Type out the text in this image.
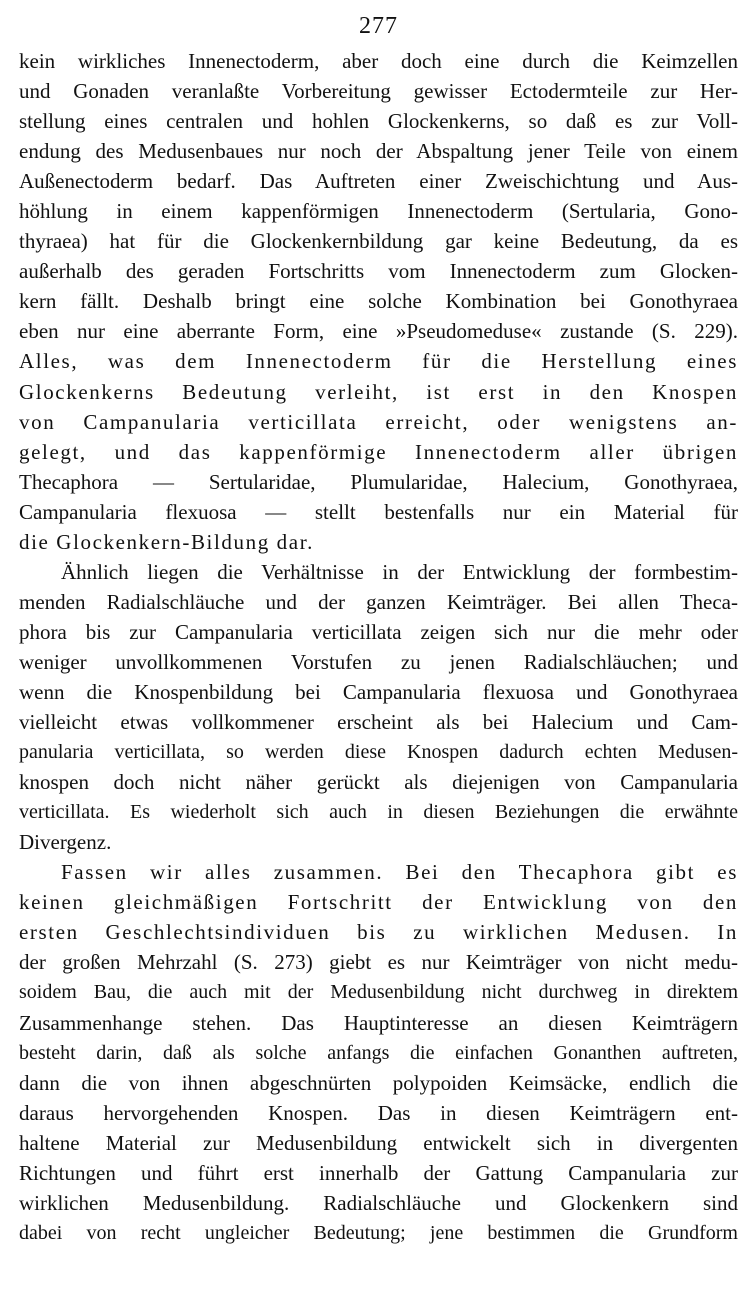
277
kein wirkliches Innenectoderm, aber doch eine durch die Keimzellen
und Gonaden veranlaßte Vorbereitung gewisser Ectodermteile zur Her-
stellung eines centralen und hohlen Glockenkerns, so daß es zur Voll-
endung des Medusenbaues nur noch der Abspaltung jener Teile von einem
Außenectoderm bedarf. Das Auftreten einer Zweischichtung und Aus-
höhlung in einem kappenförmigen Innenectoderm (Sertularia, Gono-
thyraea) hat für die Glockenkernbildung gar keine Bedeutung, da es
außerhalb des geraden Fortschritts vom Innenectoderm zum Glocken-
kern fällt. Deshalb bringt eine solche Kombination bei Gonothyraea
eben nur eine aberrante Form, eine »Pseudomeduse« zustande (S. 229).
Alles, was dem Innenectoderm für die Herstellung eines
Glockenkerns Bedeutung verleiht, ist erst in den Knospen
von Campanularia verticillata erreicht, oder wenigstens an-
gelegt, und das kappenförmige Innenectoderm aller übrigen
Thecaphora — Sertularidae, Plumularidae, Halecium, Gonothyraea,
Campanularia flexuosa — stellt bestenfalls nur ein Material für
die Glockenkern-Bildung dar.
Ähnlich liegen die Verhältnisse in der Entwicklung der formbestim-
menden Radialschläuche und der ganzen Keimträger. Bei allen Theca-
phora bis zur Campanularia verticillata zeigen sich nur die mehr oder
weniger unvollkommenen Vorstufen zu jenen Radialschläuchen; und
wenn die Knospenbildung bei Campanularia flexuosa und Gonothyraea
vielleicht etwas vollkommener erscheint als bei Halecium und Cam-
panularia verticillata, so werden diese Knospen dadurch echten Medusen-
knospen doch nicht näher gerückt als diejenigen von Campanularia
verticillata. Es wiederholt sich auch in diesen Beziehungen die erwähnte
Divergenz.
Fassen wir alles zusammen. Bei den Thecaphora gibt es
keinen gleichmäßigen Fortschritt der Entwicklung von den
ersten Geschlechtsindividuen bis zu wirklichen Medusen. In
der großen Mehrzahl (S. 273) giebt es nur Keimträger von nicht medu-
soidem Bau, die auch mit der Medusenbildung nicht durchweg in direktem
Zusammenhange stehen. Das Hauptinteresse an diesen Keimträgern
besteht darin, daß als solche anfangs die einfachen Gonanthen auftreten,
dann die von ihnen abgeschnürten polypoiden Keimsäcke, endlich die
daraus hervorgehenden Knospen. Das in diesen Keimträgern ent-
haltene Material zur Medusenbildung entwickelt sich in divergenten
Richtungen und führt erst innerhalb der Gattung Campanularia zur
wirklichen Medusenbildung. Radialschläuche und Glockenkern sind
dabei von recht ungleicher Bedeutung; jene bestimmen die Grundform
